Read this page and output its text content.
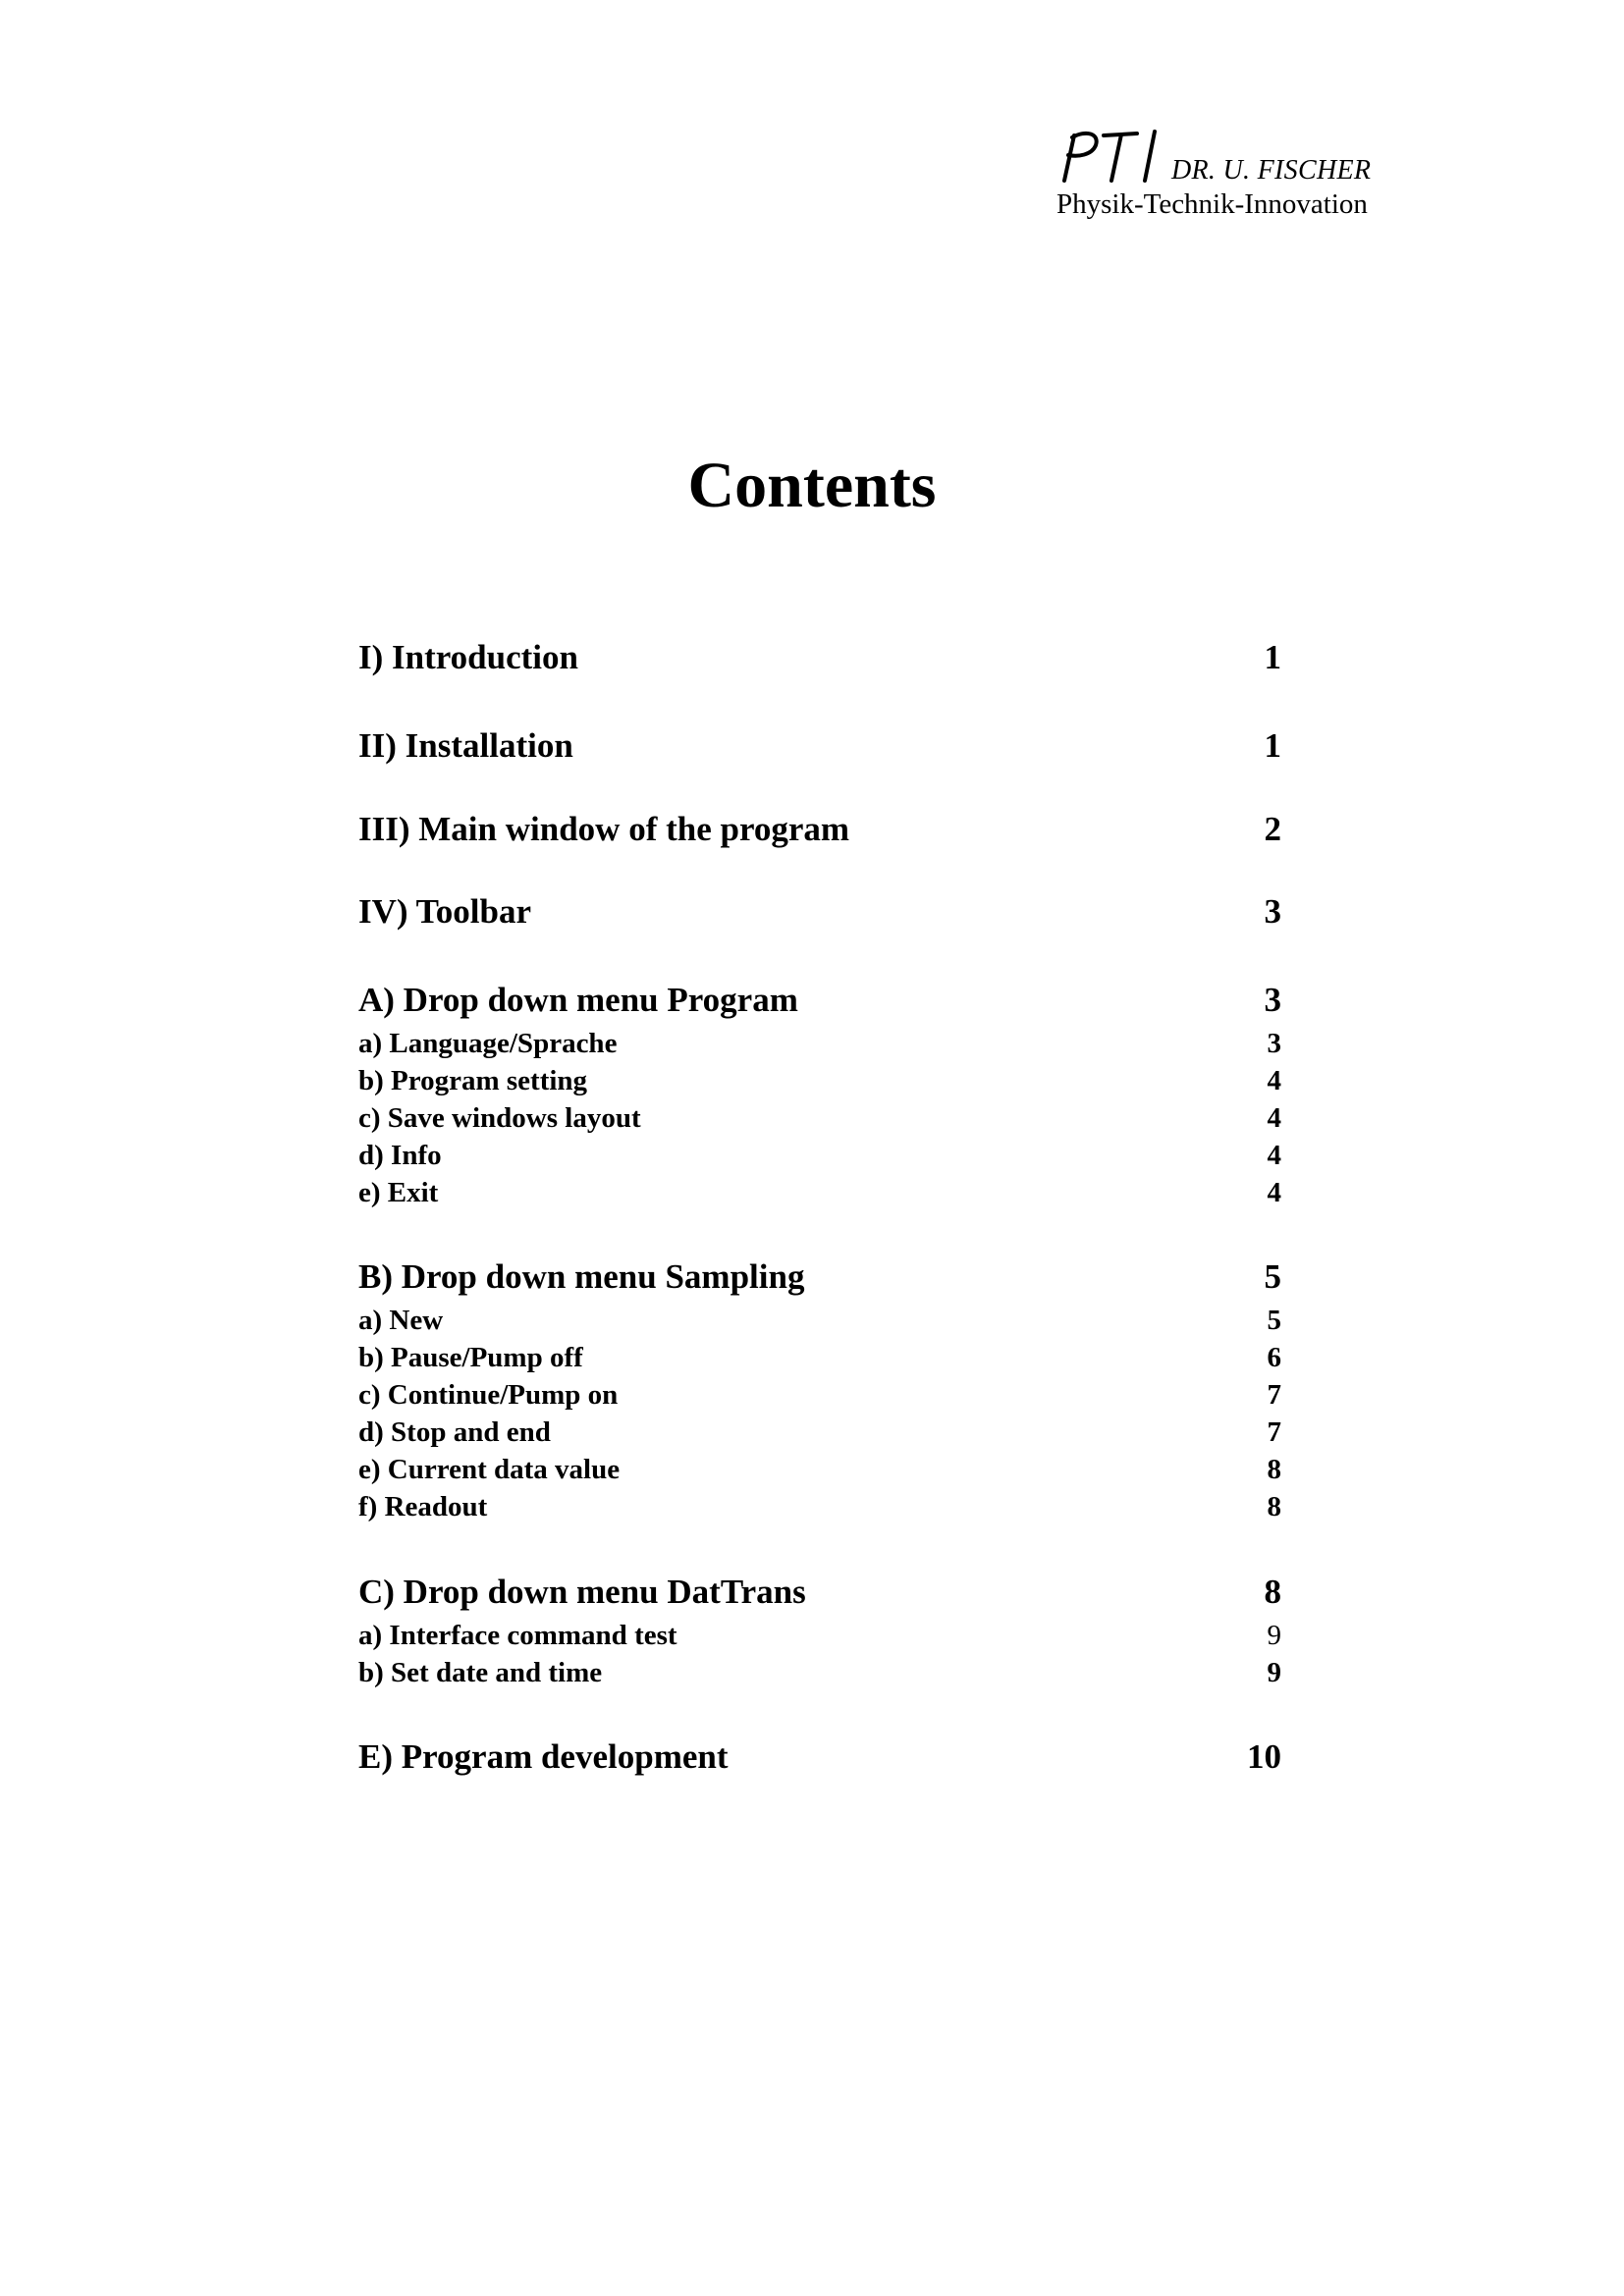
DR. U. FISCHER
Physik-Technik-Innovation
Contents
I) Introduction	1
II) Installation	1
III) Main window of the program	2
IV) Toolbar	3
A) Drop down menu Program	3
a) Language/Sprache	3
b) Program setting	4
c) Save windows layout	4
d) Info	4
e) Exit	4
B) Drop down menu Sampling	5
a) New	5
b) Pause/Pump off	6
c) Continue/Pump on	7
d) Stop and end	7
e) Current data value	8
f) Readout	8
C) Drop down menu DatTrans	8
a) Interface command test	9
b) Set date and time	9
E) Program development	10
